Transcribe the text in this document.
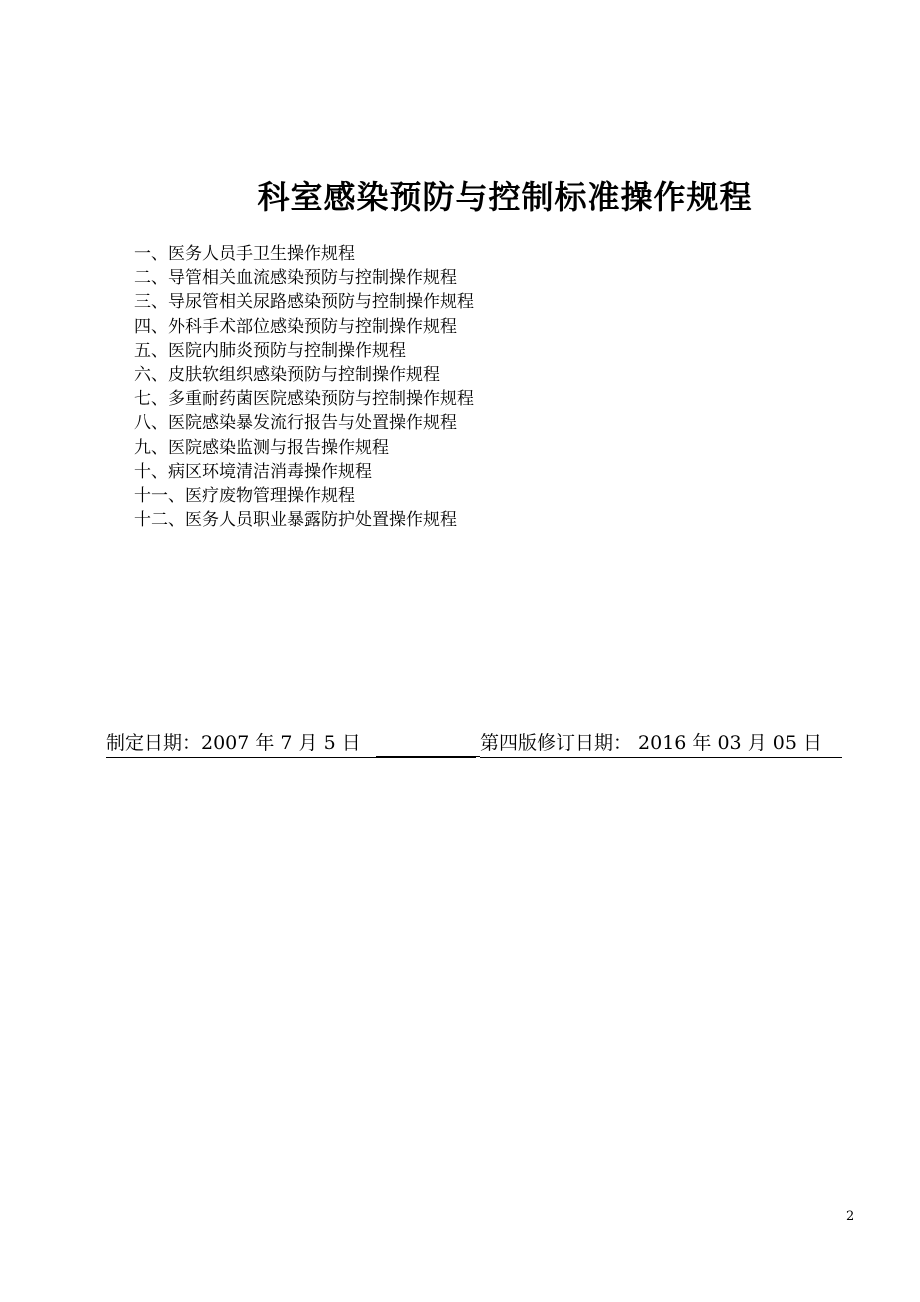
科室感染预防与控制标准操作规程
一、医务人员手卫生操作规程
二、导管相关血流感染预防与控制操作规程
三、导尿管相关尿路感染预防与控制操作规程
四、外科手术部位感染预防与控制操作规程
五、医院内肺炎预防与控制操作规程
六、皮肤软组织感染预防与控制操作规程
七、多重耐药菌医院感染预防与控制操作规程
八、医院感染暴发流行报告与处置操作规程
九、医院感染监测与报告操作规程
十、病区环境清洁消毒操作规程
十一、医疗废物管理操作规程
十二、医务人员职业暴露防护处置操作规程
制定日期：2007 年 7 月 5 日	第四版修订日期： 2016 年 03 月 05 日
2
